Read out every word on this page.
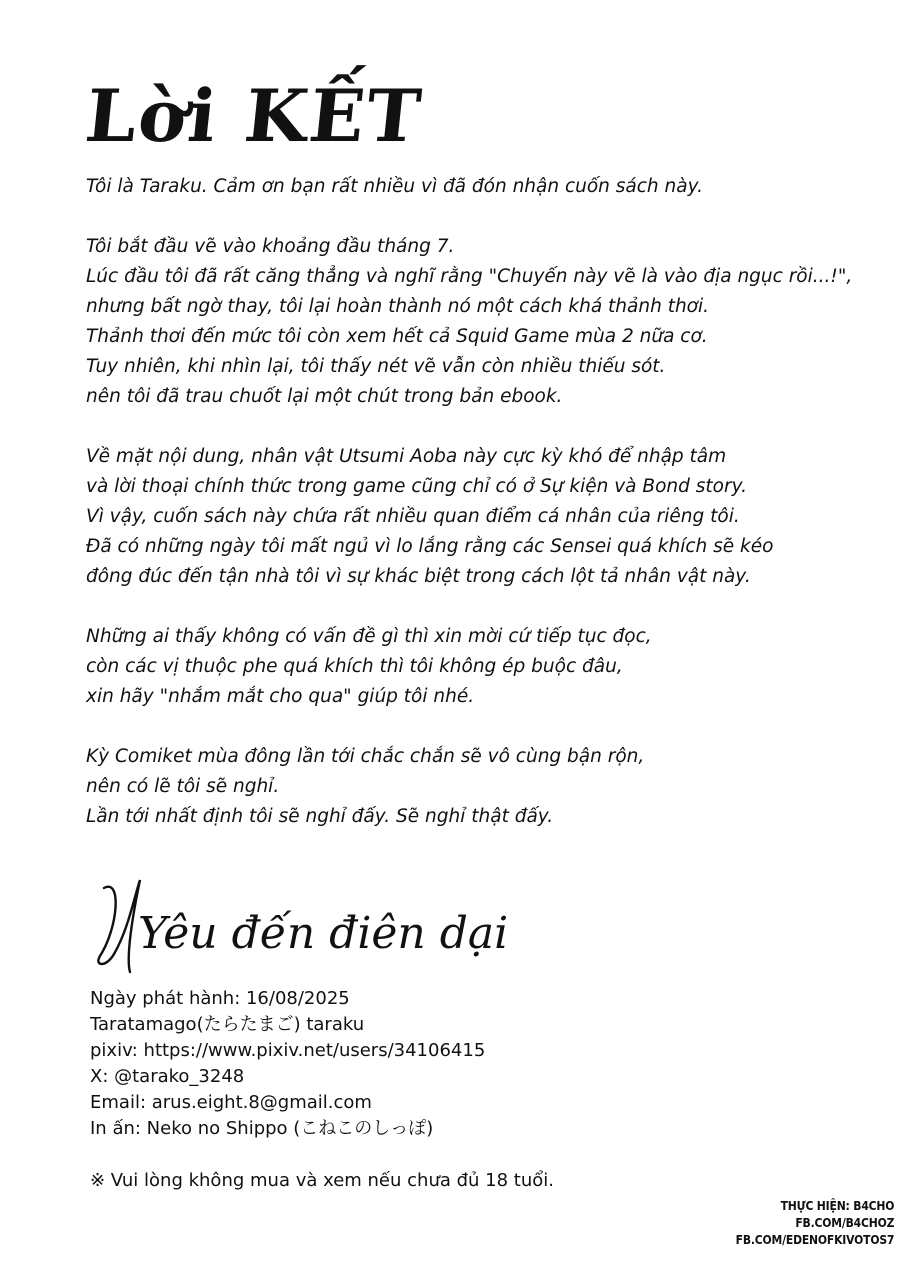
Lời KẾT

Tôi là Taraku. Cảm ơn bạn rất nhiều vì đã đón nhận cuốn sách này.

Tôi bắt đầu vẽ vào khoảng đầu tháng 7.
Lúc đầu tôi đã rất căng thẳng và nghĩ rằng "Chuyến này vẽ là vào địa ngục rồi...!",
nhưng bất ngờ thay, tôi lại hoàn thành nó một cách khá thảnh thơi.
Thảnh thơi đến mức tôi còn xem hết cả Squid Game mùa 2 nữa cơ.
Tuy nhiên, khi nhìn lại, tôi thấy nét vẽ vẫn còn nhiều thiếu sót.
nên tôi đã trau chuốt lại một chút trong bản ebook.

Về mặt nội dung, nhân vật Utsumi Aoba này cực kỳ khó để nhập tâm
và lời thoại chính thức trong game cũng chỉ có ở Sự kiện và Bond story.
Vì vậy, cuốn sách này chứa rất nhiều quan điểm cá nhân của riêng tôi.
Đã có những ngày tôi mất ngủ vì lo lắng rằng các Sensei quá khích sẽ kéo
đông đúc đến tận nhà tôi vì sự khác biệt trong cách lột tả nhân vật này.

Những ai thấy không có vấn đề gì thì xin mời cứ tiếp tục đọc,
còn các vị thuộc phe quá khích thì tôi không ép buộc đâu,
xin hãy "nhắm mắt cho qua" giúp tôi nhé.

Kỳ Comiket mùa đông lần tới chắc chắn sẽ vô cùng bận rộn,
nên có lẽ tôi sẽ nghỉ.
Lần tới nhất định tôi sẽ nghỉ đấy. Sẽ nghỉ thật đấy.

Yêu đến điên dại
Ngày phát hành: 16/08/2025
Taratamago(たらたまご) taraku
pixiv: https://www.pixiv.net/users/34106415
X: @tarako_3248
Email: arus.eight.8@gmail.com
In ấn: Neko no Shippo (こねこのしっぽ)
※ Vui lòng không mua và xem nếu chưa đủ 18 tuổi.
THỰC HIỆN: B4CHO
FB.COM/B4CHOZ
FB.COM/EDENOFKIVOTOS7
